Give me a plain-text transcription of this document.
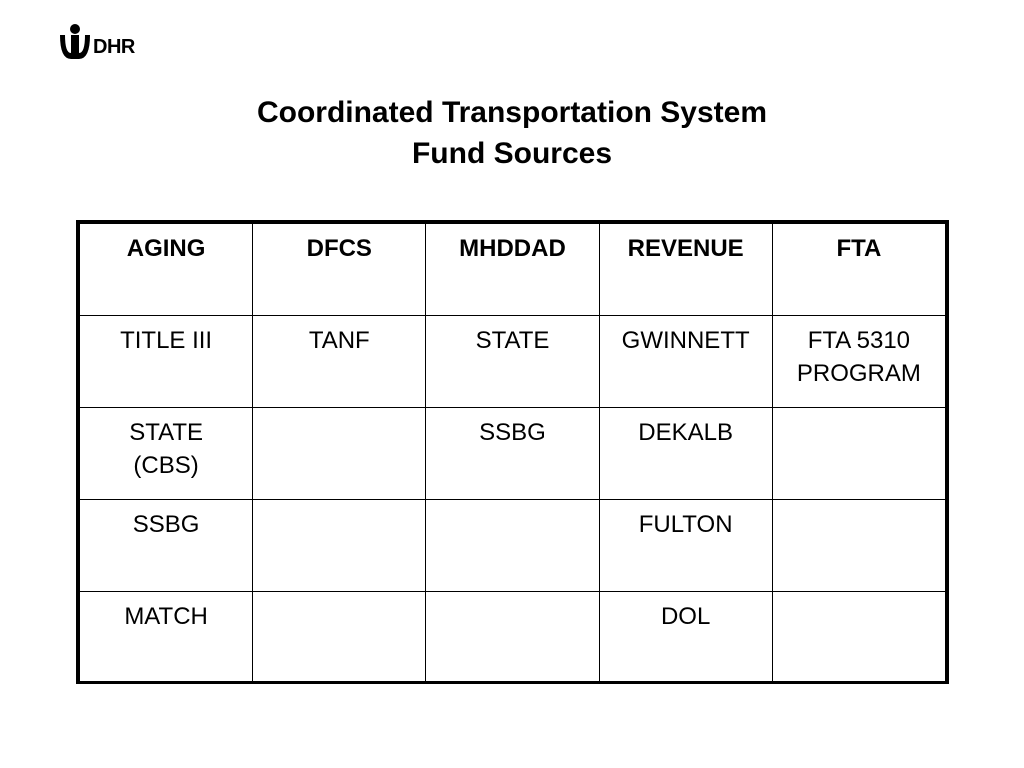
DHR
Coordinated Transportation System
Fund Sources
AGING	DFCS	MHDDAD	REVENUE	FTA

TITLE III	TANF	STATE	GWINNETT	FTA 5310
PROGRAM

STATE
(CBS)		SSBG	DEKALB	

SSBG			FULTON	

MATCH			DOL	
